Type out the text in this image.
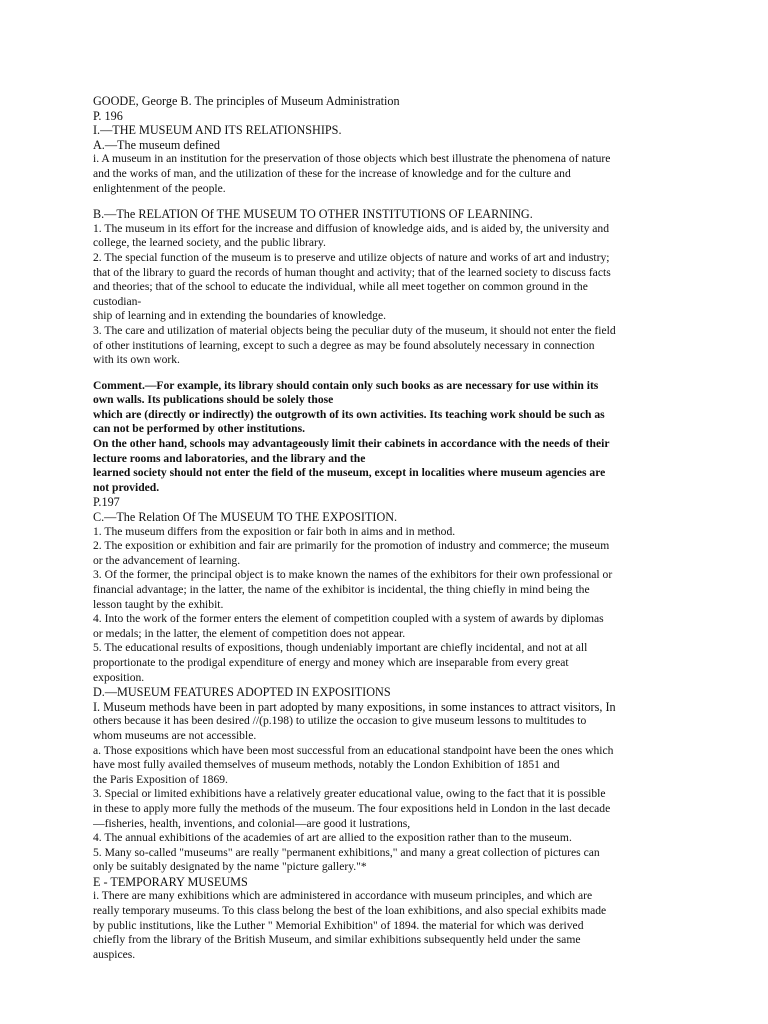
GOODE, George B. The principles of Museum Administration
P. 196
I.—THE MUSEUM AND ITS RELATIONSHIPS.
A.—The museum defined
i. A museum in an institution for the preservation of those objects which best illustrate the phenomena of nature
and the works of man, and the utilization of these for the increase of knowledge and for the culture and
enlightenment of the people.
B.—The RELATION Of THE MUSEUM TO OTHER INSTITUTIONS OF LEARNING.
1. The museum in its effort for the increase and diffusion of knowledge aids, and is aided by, the university and
college, the learned society, and the public library.
2. The special function of the museum is to preserve and utilize objects of nature and works of art and industry;
that of the library to guard the records of human thought and activity; that of the learned society to discuss facts
and theories; that of the school to educate the individual, while all meet together on common ground in the
custodian-
ship of learning and in extending the boundaries of knowledge.
3. The care and utilization of material objects being the peculiar duty of the museum, it should not enter the field
of other institutions of learning, except to such a degree as may be found absolutely necessary in connection
with its own work.
Comment.—For example, its library should contain only such books as are necessary for use within its
own walls. Its publications should be solely those
which are (directly or indirectly) the outgrowth of its own activities. Its teaching work should be such as
can not be performed by other institutions.
On the other hand, schools may advantageously limit their cabinets in accordance with the needs of their
lecture rooms and laboratories, and the library and the
learned society should not enter the field of the museum, except in localities where museum agencies are
not provided.
P.197
C.—The Relation Of The MUSEUM TO THE EXPOSITION.
1. The museum differs from the exposition or fair both in aims and in method.
2. The exposition or exhibition and fair are primarily for the promotion of industry and commerce; the museum
or the advancement of learning.
3. Of the former, the principal object is to make known the names of the exhibitors for their own professional or
financial advantage; in the latter, the name of the exhibitor is incidental, the thing chiefly in mind being the
lesson taught by the exhibit.
4. Into the work of the former enters the element of competition coupled with a system of awards by diplomas
or medals; in the latter, the element of competition does not appear.
5. The educational results of expositions, though undeniably important are chiefly incidental, and not at all
proportionate to the prodigal expenditure of energy and money which are inseparable from every great
exposition.
D.—MUSEUM FEATURES ADOPTED IN EXPOSITIONS
I. Museum methods have been in part adopted by many expositions, in some instances to attract visitors, In
others because it has been desired //(p.198) to utilize the occasion to give museum lessons to multitudes to
whom museums are not accessible.
a. Those expositions which have been most successful from an educational standpoint have been the ones which
have most fully availed themselves of museum methods, notably the London Exhibition of 1851 and
the Paris Exposition of 1869.
3. Special or limited exhibitions have a relatively greater educational value, owing to the fact that it is possible
in these to apply more fully the methods of the museum. The four expositions held in London in the last decade
—fisheries, health, inventions, and colonial—are good it lustrations,
4. The annual exhibitions of the academies of art are allied to the exposition rather than to the museum.
5. Many so-called "museums" are really "permanent exhibitions," and many a great collection of pictures can
only be suitably designated by the name "picture gallery."*
E - TEMPORARY MUSEUMS
i. There are many exhibitions which are administered in accordance with museum principles, and which are
really temporary museums. To this class belong the best of the loan exhibitions, and also special exhibits made
by public institutions, like the Luther " Memorial Exhibition" of 1894. the material for which was derived
chiefly from the library of the British Museum, and similar exhibitions subsequently held under the same
auspices.
